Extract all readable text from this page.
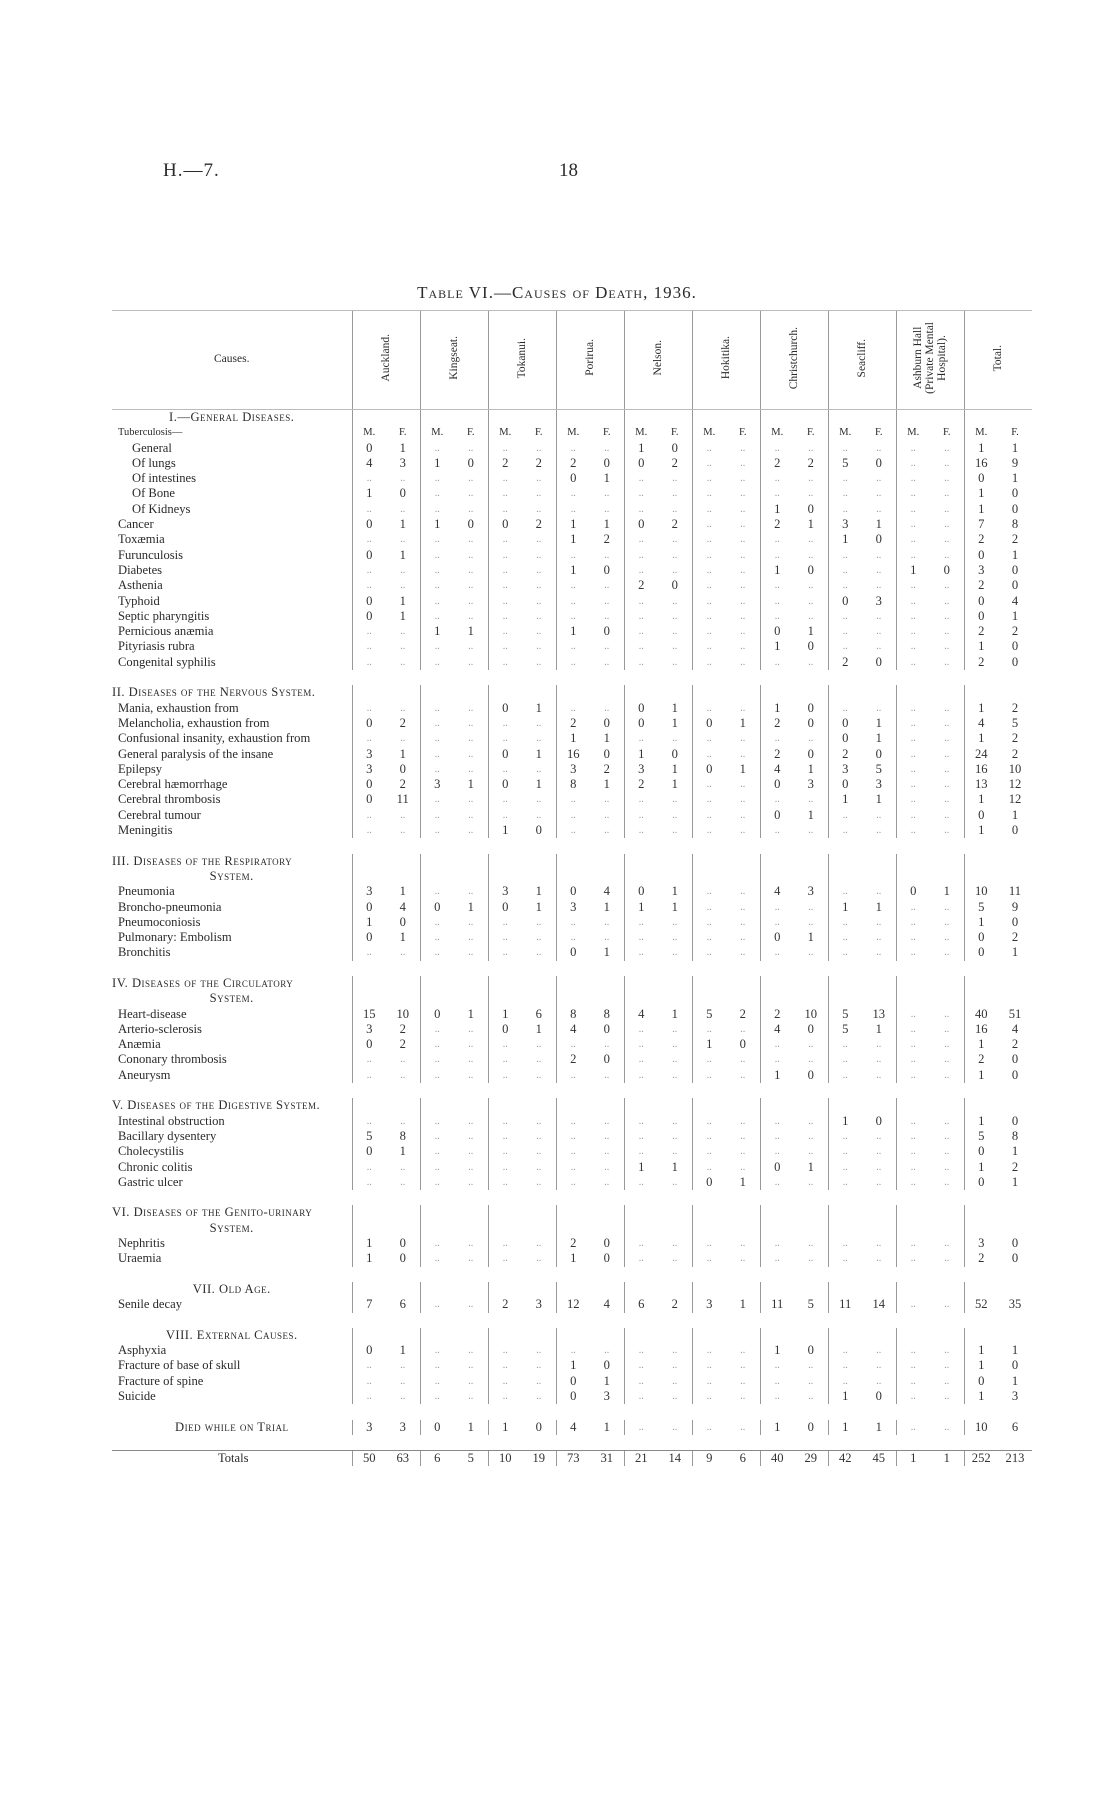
H.—7.	18
Table VI.—Causes of Death, 1936.
Causes.	Auckland.		Kingseat.		Tokanui.		Porirua.		Nelson.		Hokitika.		Christchurch.		Seacliff.		Ashburn Hall
(Private Mental
Hospital).		Total.	
I.—General Diseases.																				
Tuberculosis—	M.	F.	M.	F.	M.	F.	M.	F.	M.	F.	M.	F.	M.	F.	M.	F.	M.	F.	M.	F.
General	0	1	..	..	..	..	..	..	1	0	..	..	..	..	..	..	..	..	1	1
Of lungs	4	3	1	0	2	2	2	0	0	2	..	..	2	2	5	0	..	..	16	9
Of intestines	..	..	..	..	..	..	0	1	..	..	..	..	..	..	..	..	..	..	0	1
Of Bone	1	0	..	..	..	..	..	..	..	..	..	..	..	..	..	..	..	..	1	0
Of Kidneys	..	..	..	..	..	..	..	..	..	..	..	..	1	0	..	..	..	..	1	0
Cancer	0	1	1	0	0	2	1	1	0	2	..	..	2	1	3	1	..	..	7	8
Toxæmia	..	..	..	..	..	..	1	2	..	..	..	..	..	..	1	0	..	..	2	2
Furunculosis	0	1	..	..	..	..	..	..	..	..	..	..	..	..	..	..	..	..	0	1
Diabetes	..	..	..	..	..	..	1	0	..	..	..	..	1	0	..	..	1	0	3	0
Asthenia	..	..	..	..	..	..	..	..	2	0	..	..	..	..	..	..	..	..	2	0
Typhoid	0	1	..	..	..	..	..	..	..	..	..	..	..	..	0	3	..	..	0	4
Septic pharyngitis	0	1	..	..	..	..	..	..	..	..	..	..	..	..	..	..	..	..	0	1
Pernicious anæmia	..	..	1	1	..	..	1	0	..	..	..	..	0	1	..	..	..	..	2	2
Pityriasis rubra	..	..	..	..	..	..	..	..	..	..	..	..	1	0	..	..	..	..	1	0
Congenital syphilis	..	..	..	..	..	..	..	..	..	..	..	..	..	..	2	0	..	..	2	0

II. Diseases of the Nervous System.																				
Mania, exhaustion from	..	..	..	..	0	1	..	..	0	1	..	..	1	0	..	..	..	..	1	2
Melancholia, exhaustion from	0	2	..	..	..	..	2	0	0	1	0	1	2	0	0	1	..	..	4	5
Confusional insanity, exhaustion from	..	..	..	..	..	..	1	1	..	..	..	..	..	..	0	1	..	..	1	2
General paralysis of the insane	3	1	..	..	0	1	16	0	1	0	..	..	2	0	2	0	..	..	24	2
Epilepsy	3	0	..	..	..	..	3	2	3	1	0	1	4	1	3	5	..	..	16	10
Cerebral hæmorrhage	0	2	3	1	0	1	8	1	2	1	..	..	0	3	0	3	..	..	13	12
Cerebral thrombosis	0	11	..	..	..	..	..	..	..	..	..	..	..	..	1	1	..	..	1	12
Cerebral tumour	..	..	..	..	..	..	..	..	..	..	..	..	0	1	..	..	..	..	0	1
Meningitis	..	..	..	..	1	0	..	..	..	..	..	..	..	..	..	..	..	..	1	0

III. Diseases of the Respiratory																				
System.																				
Pneumonia	3	1	..	..	3	1	0	4	0	1	..	..	4	3	..	..	0	1	10	11
Broncho-pneumonia	0	4	0	1	0	1	3	1	1	1	..	..	..	..	1	1	..	..	5	9
Pneumoconiosis	1	0	..	..	..	..	..	..	..	..	..	..	..	..	..	..	..	..	1	0
Pulmonary: Embolism	0	1	..	..	..	..	..	..	..	..	..	..	0	1	..	..	..	..	0	2
Bronchitis	..	..	..	..	..	..	0	1	..	..	..	..	..	..	..	..	..	..	0	1

IV. Diseases of the Circulatory																				
System.																				
Heart-disease	15	10	0	1	1	6	8	8	4	1	5	2	2	10	5	13	..	..	40	51
Arterio-sclerosis	3	2	..	..	0	1	4	0	..	..	..	..	4	0	5	1	..	..	16	4
Anæmia	0	2	..	..	..	..	..	..	..	..	1	0	..	..	..	..	..	..	1	2
Cononary thrombosis	..	..	..	..	..	..	2	0	..	..	..	..	..	..	..	..	..	..	2	0
Aneurysm	..	..	..	..	..	..	..	..	..	..	..	..	1	0	..	..	..	..	1	0

V. Diseases of the Digestive System.																				
Intestinal obstruction	..	..	..	..	..	..	..	..	..	..	..	..	..	..	1	0	..	..	1	0
Bacillary dysentery	5	8	..	..	..	..	..	..	..	..	..	..	..	..	..	..	..	..	5	8
Cholecystilis	0	1	..	..	..	..	..	..	..	..	..	..	..	..	..	..	..	..	0	1
Chronic colitis	..	..	..	..	..	..	..	..	1	1	..	..	0	1	..	..	..	..	1	2
Gastric ulcer	..	..	..	..	..	..	..	..	..	..	0	1	..	..	..	..	..	..	0	1

VI. Diseases of the Genito-urinary																				
System.																				
Nephritis	1	0	..	..	..	..	2	0	..	..	..	..	..	..	..	..	..	..	3	0
Uraemia	1	0	..	..	..	..	1	0	..	..	..	..	..	..	..	..	..	..	2	0

VII. Old Age.																				
Senile decay	7	6	..	..	2	3	12	4	6	2	3	1	11	5	11	14	..	..	52	35

VIII. External Causes.																				
Asphyxia	0	1	..	..	..	..	..	..	..	..	..	..	1	0	..	..	..	..	1	1
Fracture of base of skull	..	..	..	..	..	..	1	0	..	..	..	..	..	..	..	..	..	..	1	0
Fracture of spine	..	..	..	..	..	..	0	1	..	..	..	..	..	..	..	..	..	..	0	1
Suicide	..	..	..	..	..	..	0	3	..	..	..	..	..	..	1	0	..	..	1	3

Died while on Trial	3	3	0	1	1	0	4	1	..	..	..	..	1	0	1	1	..	..	10	6

Totals	50	63	6	5	10	19	73	31	21	14	9	6	40	29	42	45	1	1	252	213
